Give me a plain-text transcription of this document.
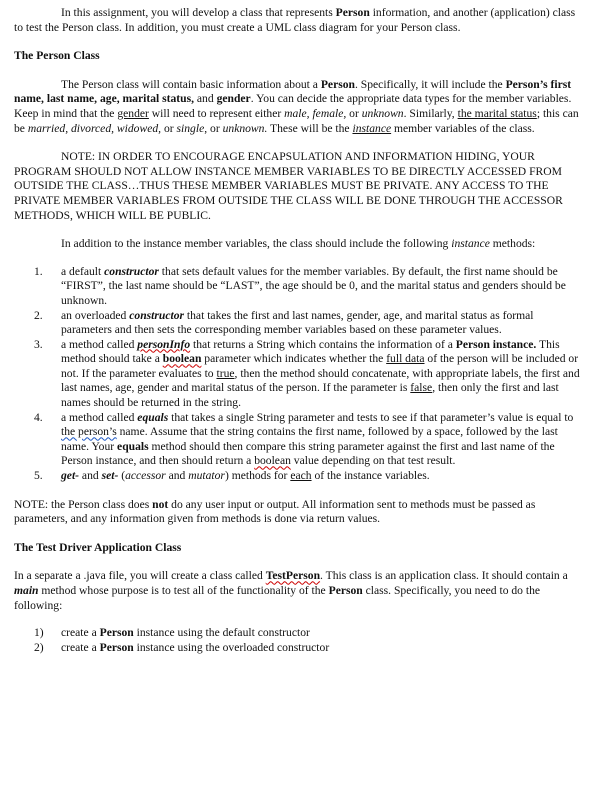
In this assignment, you will develop a class that represents Person information, and another (application) class to test the Person class. In addition, you must create a UML class diagram for your Person class.

The Person Class

The Person class will contain basic information about a Person. Specifically, it will include the Person’s first name, last name, age, marital status, and gender. You can decide the appropriate data types for the member variables. Keep in mind that the gender will need to represent either male, female, or unknown. Similarly, the marital status; this can be married, divorced, widowed, or single, or unknown. These will be the instance member variables of the class.

NOTE: IN ORDER TO ENCOURAGE ENCAPSULATION AND INFORMATION HIDING, YOUR PROGRAM SHOULD NOT ALLOW INSTANCE MEMBER VARIABLES TO BE DIRECTLY ACCESSED FROM OUTSIDE THE CLASS…THUS THESE MEMBER VARIABLES MUST BE PRIVATE. ANY ACCESS TO THE PRIVATE MEMBER VARIABLES FROM OUTSIDE THE CLASS WILL BE DONE THROUGH THE ACCESSOR METHODS, WHICH WILL BE PUBLIC.

In addition to the instance member variables, the class should include the following instance methods:

1. a default constructor that sets default values for the member variables. By default, the first name should be “FIRST”, the last name should be “LAST”, the age should be 0, and the marital status and genders should be unknown.
2. an overloaded constructor that takes the first and last names, gender, age, and marital status as formal parameters and then sets the corresponding member variables based on these parameter values.
3. a method called personInfo that returns a String which contains the information of a Person instance. This method should take a boolean parameter which indicates whether the full data of the person will be included or not. If the parameter evaluates to true, then the method should concatenate, with appropriate labels, the first and last names, age, gender and marital status of the person. If the parameter is false, then only the first and last names should be returned in the string.
4. a method called equals that takes a single String parameter and tests to see if that parameter’s value is equal to the person’s name. Assume that the string contains the first name, followed by a space, followed by the last name. Your equals method should then compare this string parameter against the first and last name of the Person instance, and then should return a boolean value depending on that test result.
5. get- and set- (accessor and mutator) methods for each of the instance variables.

NOTE: the Person class does not do any user input or output. All information sent to methods must be passed as parameters, and any information given from methods is done via return values.

The Test Driver Application Class

In a separate a .java file, you will create a class called TestPerson. This class is an application class. It should contain a main method whose purpose is to test all of the functionality of the Person class. Specifically, you need to do the following:

1) create a Person instance using the default constructor
2) create a Person instance using the overloaded constructor
